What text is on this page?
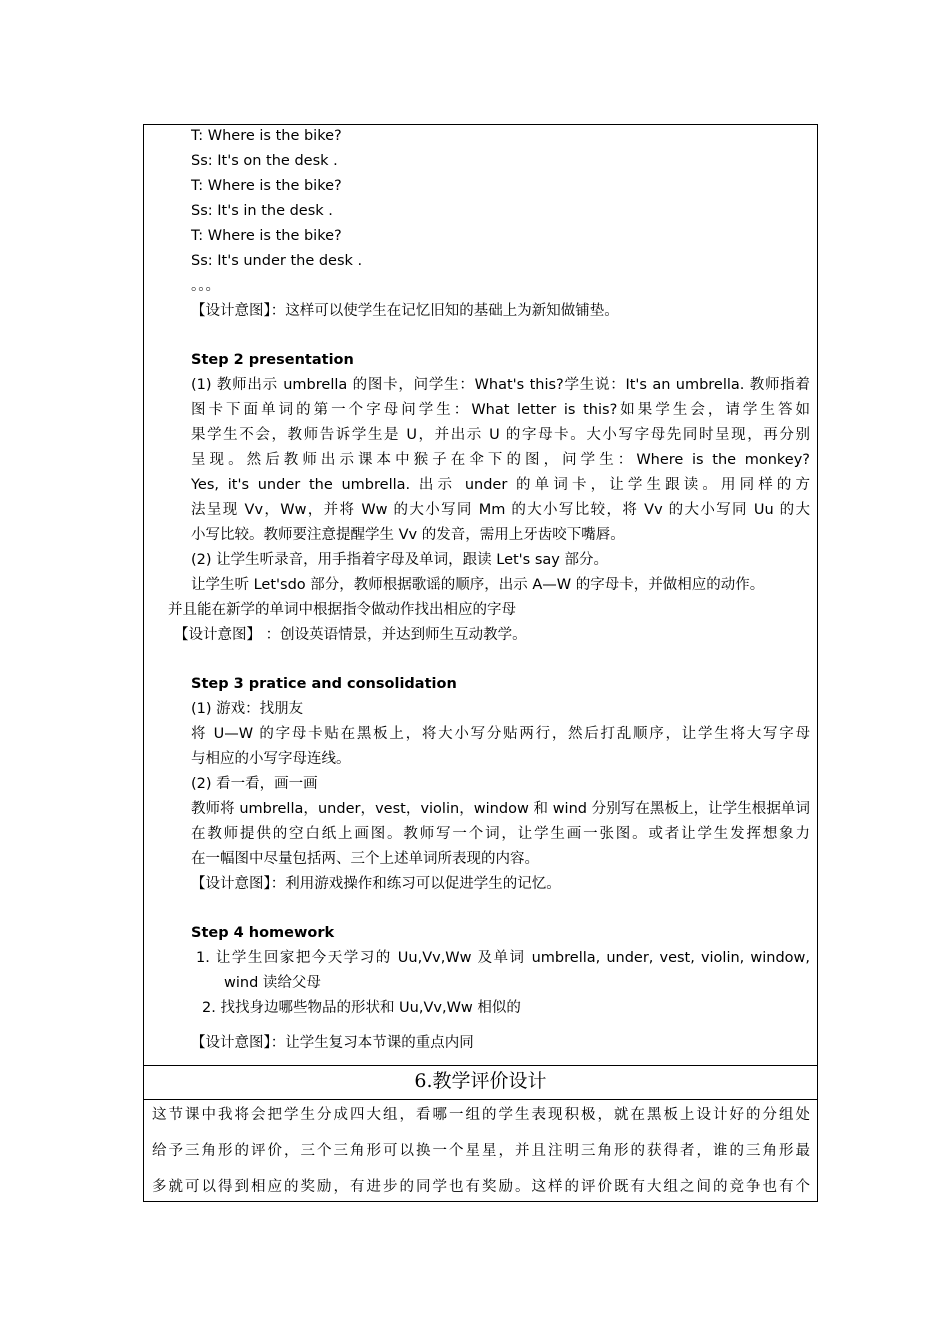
6.教学评价设计
T: Where is the bike?
Ss: It's on the desk .
T: Where is the bike?
Ss: It's in the desk .
T: Where is the bike?
Ss: It's under the desk .
。。。
【设计意图】：这样可以使学生在记忆旧知的基础上为新知做铺垫。
Step 2 presentation
(1) 教师出示 umbrella 的图卡，问学生：What's this?学生说：It's an umbrella. 教师指着
图卡下面单词的第一个字母问学生：What letter is this?如果学生会，请学生答如
果学生不会，教师告诉学生是 U，并出示 U 的字母卡。大小写字母先同时呈现，再分别
呈现。然后教师出示课本中猴子在伞下的图，问学生：Where is the monkey?
Yes, it's under the umbrella. 出示 under 的单词卡，让学生跟读。用同样的方
法呈现 Vv，Ww，并将 Ww 的大小写同 Mm 的大小写比较，将 Vv 的大小写同 Uu 的大
小写比较。教师要注意提醒学生 Vv 的发音，需用上牙齿咬下嘴唇。
(2) 让学生听录音，用手指着字母及单词，跟读 Let's say 部分。
让学生听 Let'sdo 部分，教师根据歌谣的顺序，出示 A—W 的字母卡，并做相应的动作。
并且能在新学的单词中根据指令做动作找出相应的字母
【设计意图】 ：创设英语情景，并达到师生互动教学。
Step 3 pratice and consolidation
(1) 游戏：找朋友
将 U—W 的字母卡贴在黑板上，将大小写分贴两行，然后打乱顺序，让学生将大写字母
与相应的小写字母连线。
(2) 看一看，画一画
教师将 umbrella，under，vest，violin，window 和 wind 分别写在黑板上，让学生根据单词
在教师提供的空白纸上画图。教师写一个词，让学生画一张图。或者让学生发挥想象力
在一幅图中尽量包括两、三个上述单词所表现的内容。
【设计意图】：利用游戏操作和练习可以促进学生的记忆。
Step 4 homework
1. 让学生回家把今天学习的 Uu,Vv,Ww 及单词 umbrella, under, vest, violin, window,
wind 读给父母
2. 找找身边哪些物品的形状和 Uu,Vv,Ww 相似的
【设计意图】：让学生复习本节课的重点内同
这节课中我将会把学生分成四大组，看哪一组的学生表现积极，就在黑板上设计好的分组处
给予三角形的评价，三个三角形可以换一个星星，并且注明三角形的获得者，谁的三角形最
多就可以得到相应的奖励，有进步的同学也有奖励。这样的评价既有大组之间的竞争也有个
